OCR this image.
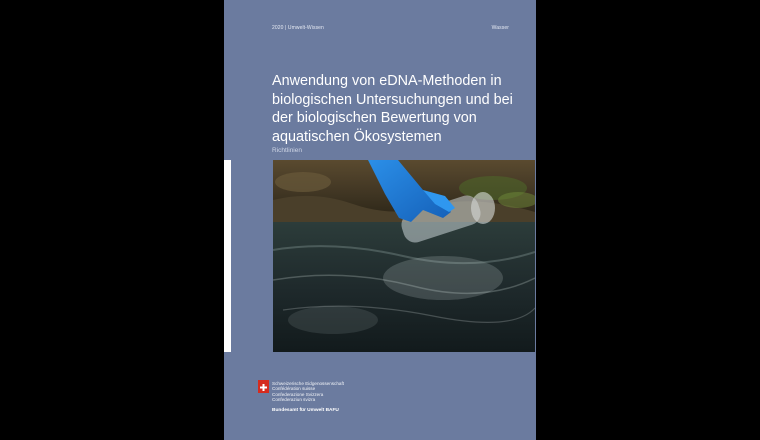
2020 | Umwelt-Wissen	Wasser
Anwendung von eDNA-Methoden in biologischen Untersuchungen und bei der biologischen Bewertung von aquatischen Ökosystemen
Richtlinien
Schweizerische Eidgenossenschaft
Confédération suisse
Confederazione Svizzera
Confederaziun svizra
Bundesamt für Umwelt BAFU
